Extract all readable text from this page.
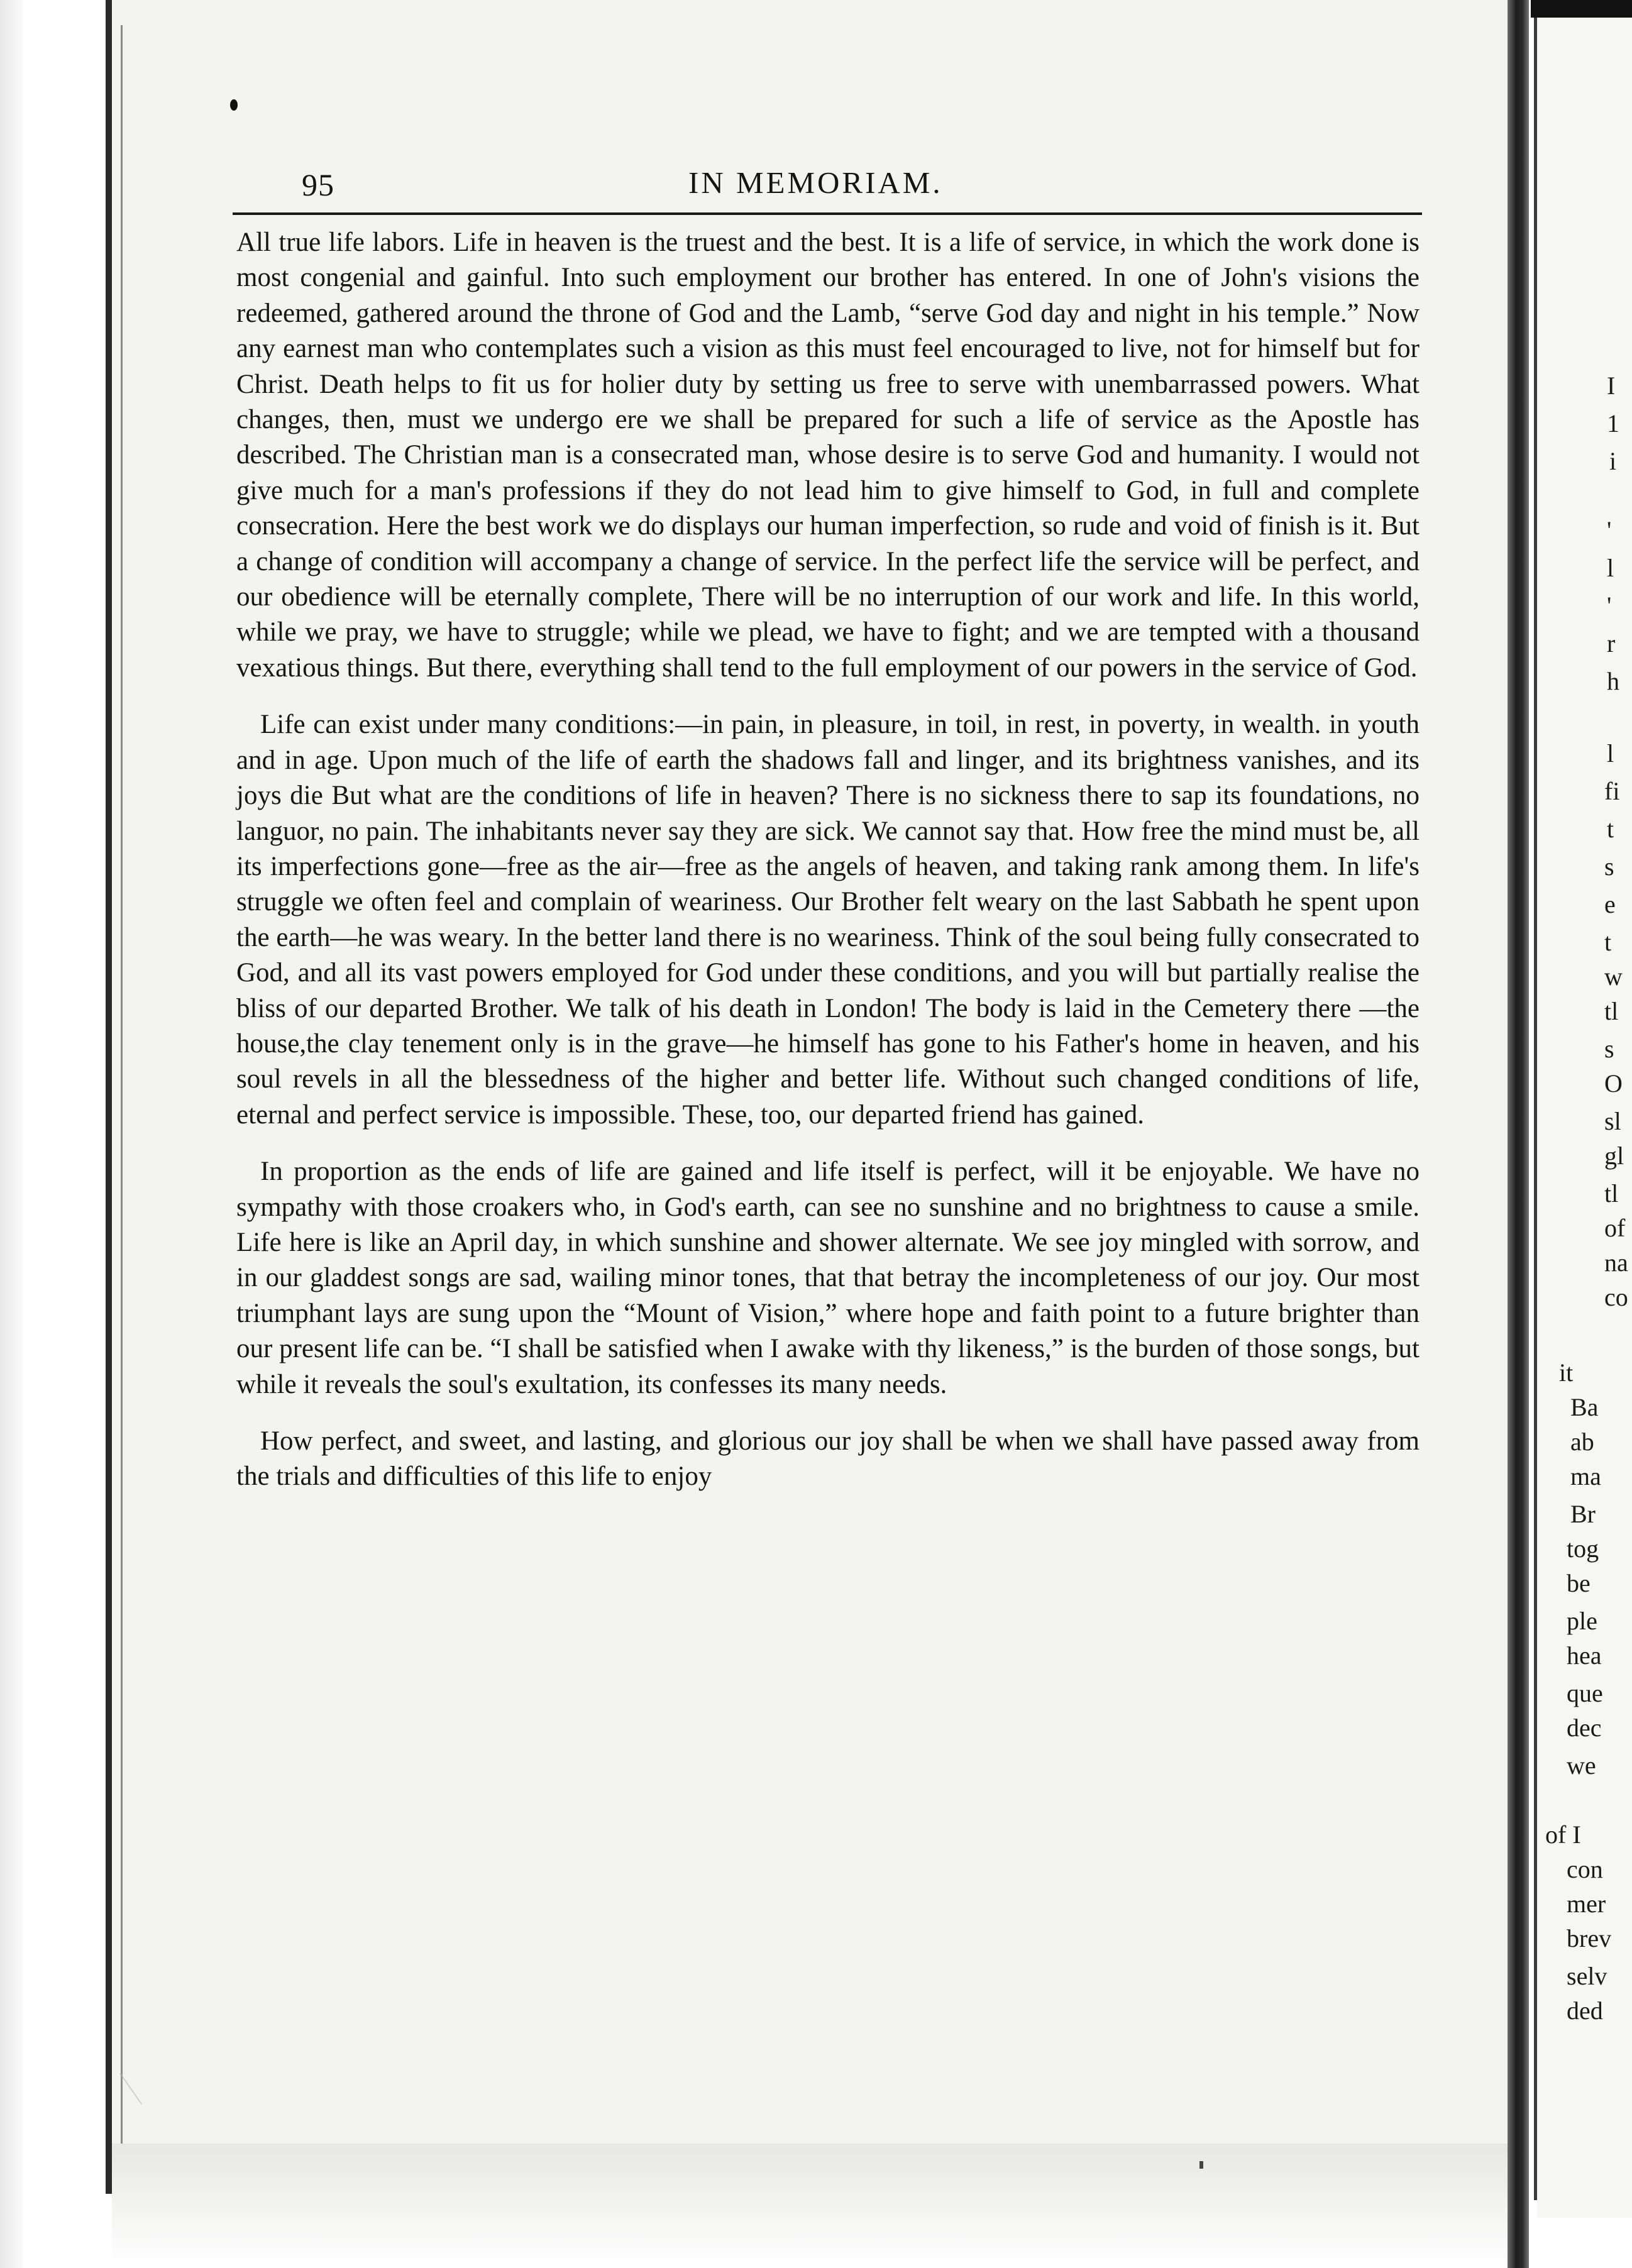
95	IN MEMORIAM.

All true life labors. Life in heaven is the truest and the best. It is a life of service, in which the work done is most congenial and gainful. Into such employment our brother has entered. In one of John's visions the redeemed, gathered around the throne of God and the Lamb, “serve God day and night in his temple.” Now any earnest man who contemplates such a vision as this must feel encouraged to live, not for himself but for Christ. Death helps to fit us for holier duty by setting us free to serve with unembarrassed powers. What changes, then, must we undergo ere we shall be prepared for such a life of service as the Apostle has described. The Christian man is a consecrated man, whose desire is to serve God and humanity. I would not give much for a man's professions if they do not lead him to give himself to God, in full and complete consecration. Here the best work we do displays our human imperfection, so rude and void of finish is it. But a change of condition will accompany a change of service. In the perfect life the service will be perfect, and our obedience will be eternally complete, There will be no interruption of our work and life. In this world, while we pray, we have to struggle; while we plead, we have to fight; and we are tempted with a thousand vexatious things. But there, everything shall tend to the full employment of our powers in the service of God.

Life can exist under many conditions:—in pain, in pleasure, in toil, in rest, in poverty, in wealth. in youth and in age. Upon much of the life of earth the shadows fall and linger, and its brightness vanishes, and its joys die But what are the conditions of life in heaven? There is no sickness there to sap its foundations, no languor, no pain. The inhabitants never say they are sick. We cannot say that. How free the mind must be, all its imperfections gone—free as the air—free as the angels of heaven, and taking rank among them. In life's struggle we often feel and complain of weariness. Our Brother felt weary on the last Sabbath he spent upon the earth—he was weary. In the better land there is no weariness. Think of the soul being fully consecrated to God, and all its vast powers employed for God under these conditions, and you will but partially realise the bliss of our departed Brother. We talk of his death in London! The body is laid in the Cemetery there —the house,the clay tenement only is in the grave—he himself has gone to his Father's home in heaven, and his soul revels in all the blessedness of the higher and better life. Without such changed conditions of life, eternal and perfect service is impossible. These, too, our departed friend has gained.

In proportion as the ends of life are gained and life itself is perfect, will it be enjoyable. We have no sympathy with those croakers who, in God's earth, can see no sunshine and no brightness to cause a smile. Life here is like an April day, in which sunshine and shower alternate. We see joy mingled with sorrow, and in our gladdest songs are sad, wailing minor tones, that that betray the incompleteness of our joy. Our most triumphant lays are sung upon the “Mount of Vision,” where hope and faith point to a future brighter than our present life can be. “I shall be satisfied when I awake with thy likeness,” is the burden of those songs, but while it reveals the soul's exultation, its confesses its many needs.

How perfect, and sweet, and lasting, and glorious our joy shall be when we shall have passed away from the trials and difficulties of this life to enjoy

I
1
i
'
l
'
r
h
l
fi
t
s
e
t
w
tl
s
O
sl
gl
tl
of
na
co
it
Ba
ab
ma
Br
tog
be
ple
hea
que
dec
we
of I
con
mer
brev
selv
ded
